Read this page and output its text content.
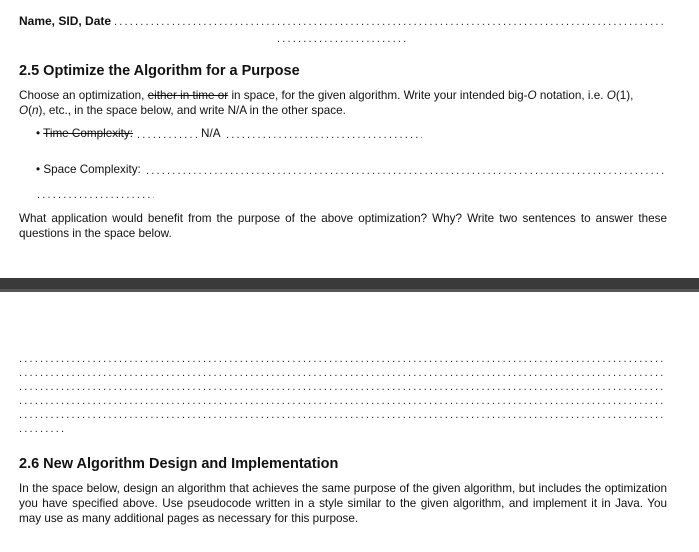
Name, SID, Date
.....
.....
2.5 Optimize the Algorithm for a Purpose
Choose an optimization, either in time or in space, for the given algorithm. Write your intended big-O notation, i.e. O(1),
O(n), etc., in the space below, and write N/A in the other space.
• Time Complexity:
.....	N/A
.....
• Space Complexity:
.....
.....
What application would benefit from the purpose of the above optimization? Why? Write two sentences to answer these questions in the space below.
.....
.....
.....
.....
.....
.....
2.6 New Algorithm Design and Implementation
In the space below, design an algorithm that achieves the same purpose of the given algorithm, but includes the optimization you have specified above. Use pseudocode written in a style similar to the given algorithm, and implement it in Java. You may use as many additional pages as necessary for this purpose.
